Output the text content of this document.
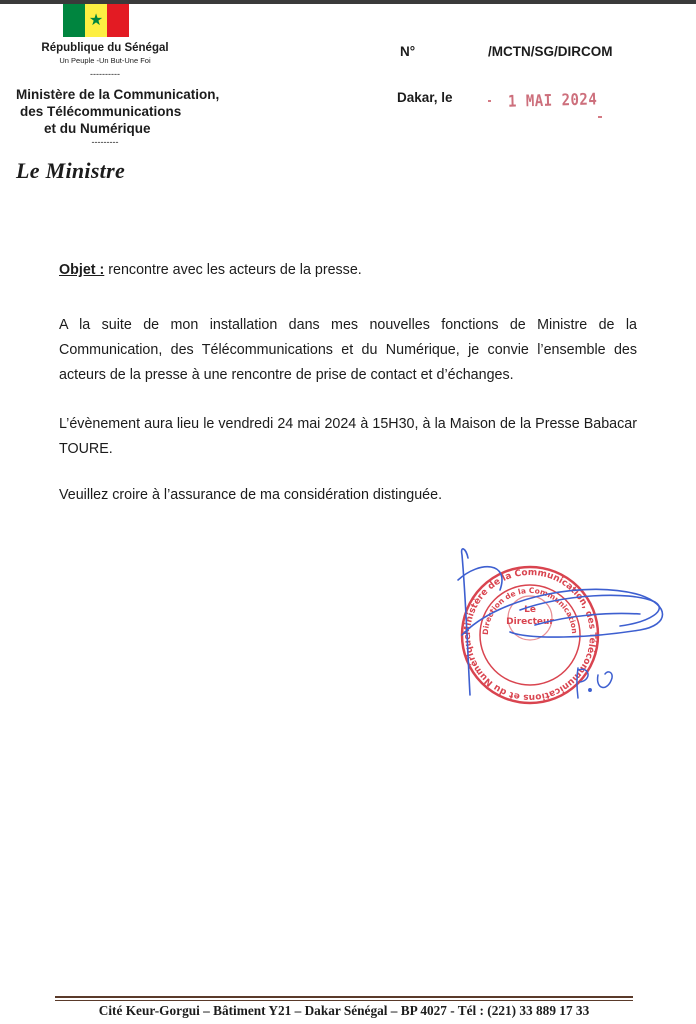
★
République du Sénégal
Un Peuple -Un But-Une Foi
----------
Ministère de la Communication,
des Télécommunications
et du Numérique
---------
Le Ministre
N°	/MCTN/SG/DIRCOM
Dakar, le	1 MAI 2024
Objet : rencontre avec les acteurs de la presse.
A la suite de mon installation dans mes nouvelles fonctions de Ministre de la Communication, des Télécommunications et du Numérique, je convie l’ensemble des acteurs de la presse à une rencontre de prise de contact et d’échanges.
L’évènement aura lieu le vendredi 24 mai 2024 à 15H30, à la Maison de la Presse Babacar TOURE.
Veuillez croire à l’assurance de ma considération distinguée.
Ministère de la Communication, des Télécommunications et du Numérique
Direction de la Communication
Le
Directeur
P.O
Cité Keur-Gorgui – Bâtiment Y21 – Dakar Sénégal – BP 4027 - Tél : (221) 33 889 17 33
